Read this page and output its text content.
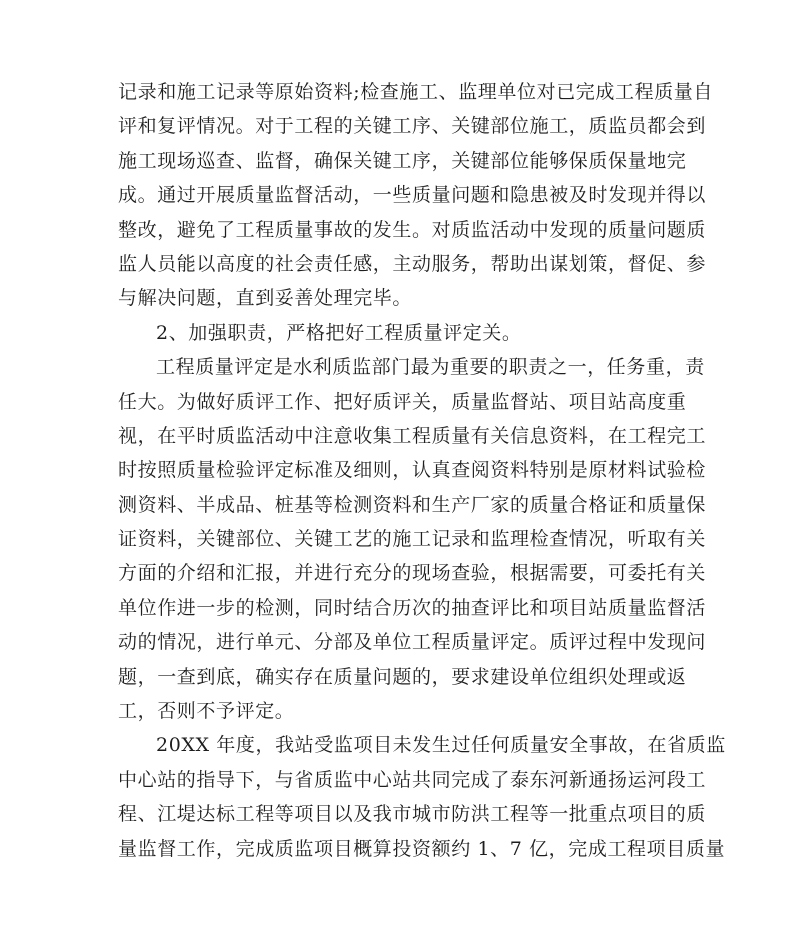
记录和施工记录等原始资料;检查施工、监理单位对已完成工程质量自
评和复评情况。对于工程的关键工序、关键部位施工，质监员都会到
施工现场巡查、监督，确保关键工序，关键部位能够保质保量地完
成。通过开展质量监督活动，一些质量问题和隐患被及时发现并得以
整改，避免了工程质量事故的发生。对质监活动中发现的质量问题质
监人员能以高度的社会责任感，主动服务，帮助出谋划策，督促、参
与解决问题，直到妥善处理完毕。
2、加强职责，严格把好工程质量评定关。
工程质量评定是水利质监部门最为重要的职责之一，任务重，责
任大。为做好质评工作、把好质评关，质量监督站、项目站高度重
视，在平时质监活动中注意收集工程质量有关信息资料，在工程完工
时按照质量检验评定标准及细则，认真查阅资料特别是原材料试验检
测资料、半成品、桩基等检测资料和生产厂家的质量合格证和质量保
证资料，关键部位、关键工艺的施工记录和监理检查情况，听取有关
方面的介绍和汇报，并进行充分的现场查验，根据需要，可委托有关
单位作进一步的检测，同时结合历次的抽查评比和项目站质量监督活
动的情况，进行单元、分部及单位工程质量评定。质评过程中发现问
题，一查到底，确实存在质量问题的，要求建设单位组织处理或返
工，否则不予评定。
20XX 年度，我站受监项目未发生过任何质量安全事故，在省质监
中心站的指导下，与省质监中心站共同完成了泰东河新通扬运河段工
程、江堤达标工程等项目以及我市城市防洪工程等一批重点项目的质
量监督工作，完成质监项目概算投资额约 1、7 亿，完成工程项目质量
